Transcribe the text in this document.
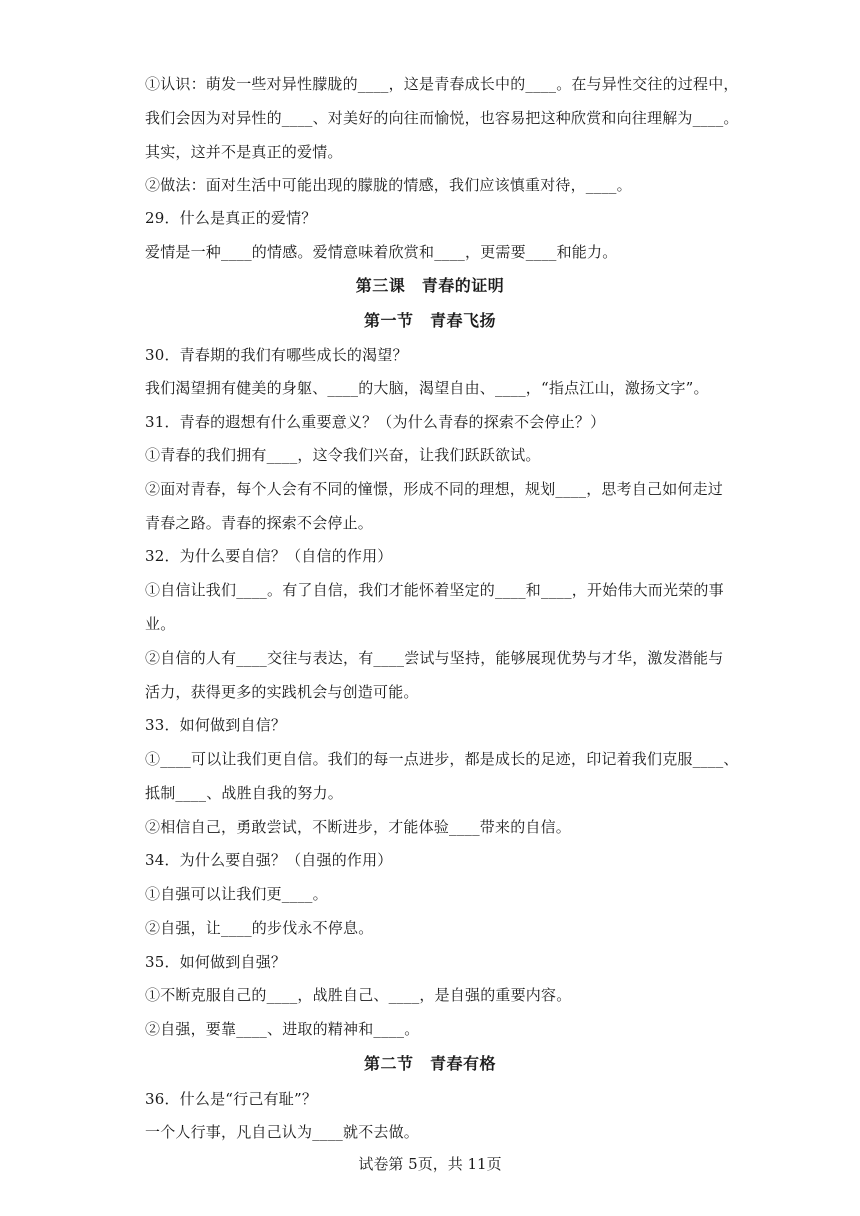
①认识：萌发一些对异性朦胧的____，这是青春成长中的____。在与异性交往的过程中，
我们会因为对异性的____、对美好的向往而愉悦，也容易把这种欣赏和向往理解为____。
其实，这并不是真正的爱情。
②做法：面对生活中可能出现的朦胧的情感，我们应该慎重对待，____。
29．什么是真正的爱情？
爱情是一种____的情感。爱情意味着欣赏和____，更需要____和能力。
第三课　青春的证明
第一节　青春飞扬
30．青春期的我们有哪些成长的渴望？
我们渴望拥有健美的身躯、____的大脑，渴望自由、____，“指点江山，激扬文字”。
31．青春的遐想有什么重要意义？（为什么青春的探索不会停止？）
①青春的我们拥有____，这令我们兴奋，让我们跃跃欲试。
②面对青春，每个人会有不同的憧憬，形成不同的理想，规划____，思考自己如何走过
青春之路。青春的探索不会停止。
32．为什么要自信？（自信的作用）
①自信让我们____。有了自信，我们才能怀着坚定的____和____，开始伟大而光荣的事
业。
②自信的人有____交往与表达，有____尝试与坚持，能够展现优势与才华，激发潜能与
活力，获得更多的实践机会与创造可能。
33．如何做到自信？
①____可以让我们更自信。我们的每一点进步，都是成长的足迹，印记着我们克服____、
抵制____、战胜自我的努力。
②相信自己，勇敢尝试，不断进步，才能体验____带来的自信。
34．为什么要自强？（自强的作用）
①自强可以让我们更____。
②自强，让____的步伐永不停息。
35．如何做到自强？
①不断克服自己的____，战胜自己、____，是自强的重要内容。
②自强，要靠____、进取的精神和____。
第二节　青春有格
36．什么是“行己有耻”？
一个人行事，凡自己认为____就不去做。
试卷第 5页，共 11页
